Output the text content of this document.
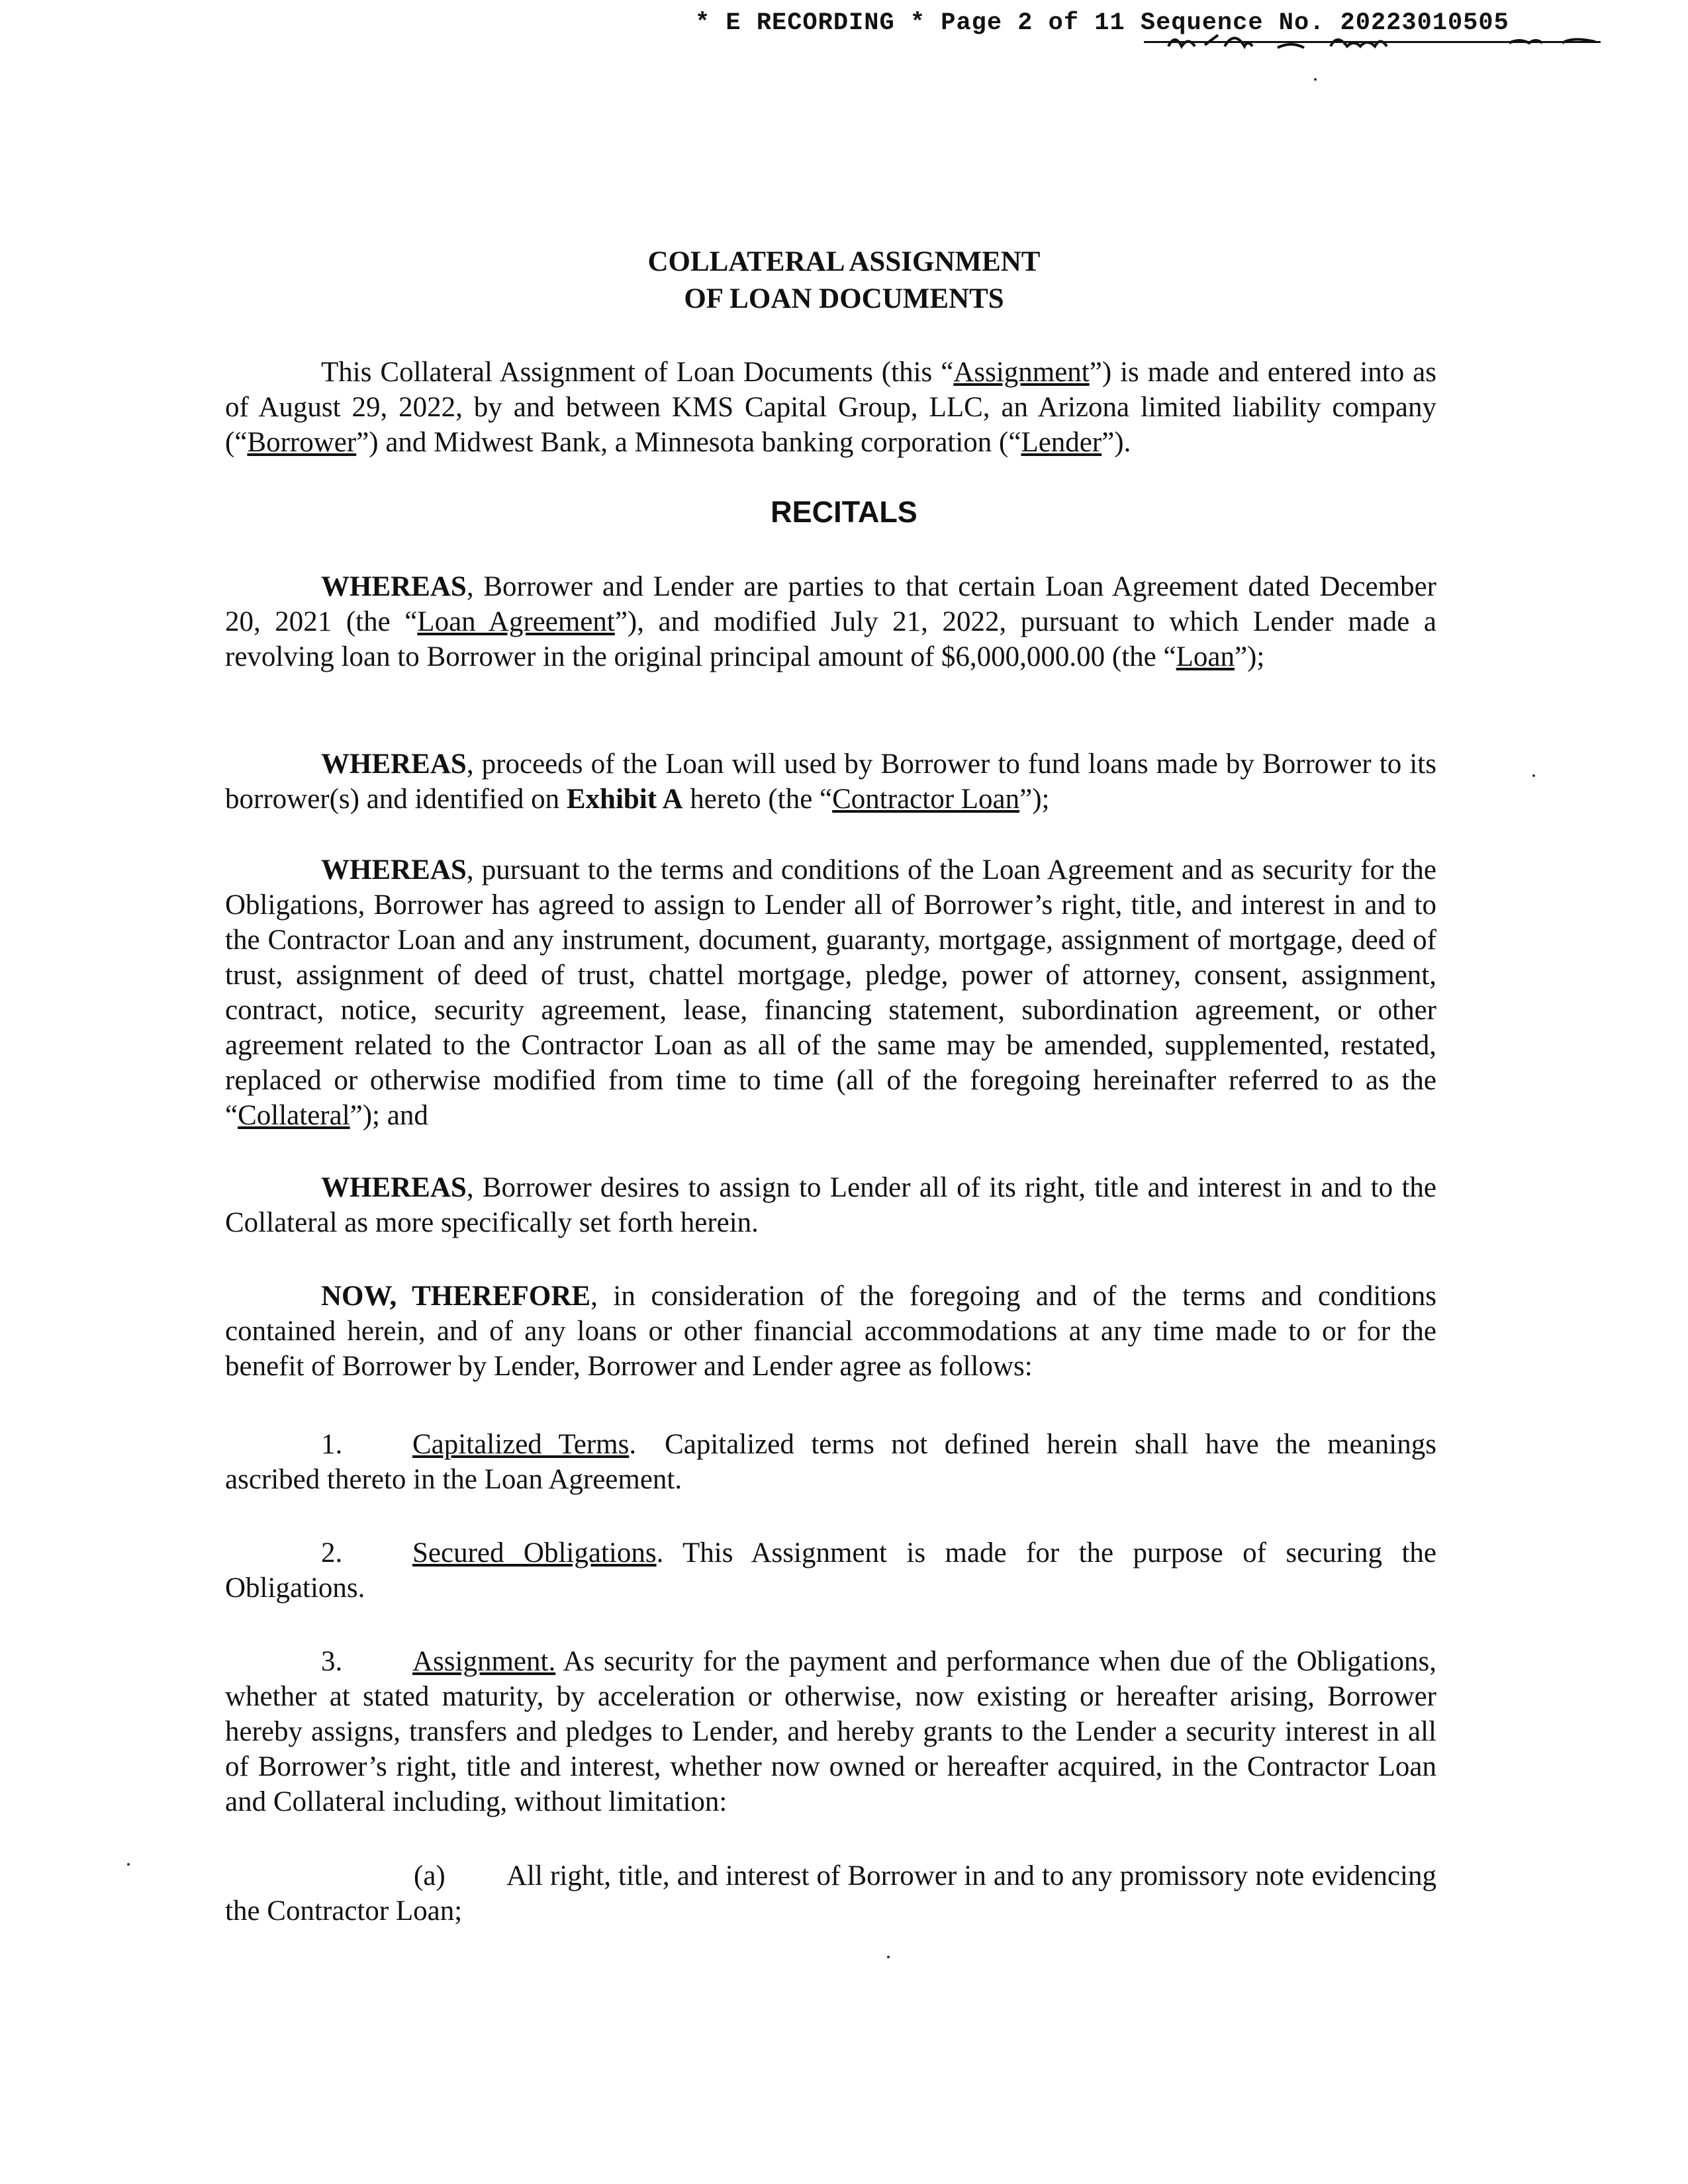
* E RECORDING * Page 2 of 11 Sequence No. 20223010505
COLLATERAL ASSIGNMENT
OF LOAN DOCUMENTS
This Collateral Assignment of Loan Documents (this “Assignment”) is made and entered into as of August 29, 2022, by and between KMS Capital Group, LLC, an Arizona limited liability company (“Borrower”) and Midwest Bank, a Minnesota banking corporation (“Lender”).
RECITALS
WHEREAS, Borrower and Lender are parties to that certain Loan Agreement dated December 20, 2021 (the “Loan Agreement”), and modified July 21, 2022, pursuant to which Lender made a revolving loan to Borrower in the original principal amount of $6,000,000.00 (the “Loan”);
WHEREAS, proceeds of the Loan will used by Borrower to fund loans made by Borrower to its borrower(s) and identified on Exhibit A hereto (the “Contractor Loan”);
WHEREAS, pursuant to the terms and conditions of the Loan Agreement and as security for the Obligations, Borrower has agreed to assign to Lender all of Borrower’s right, title, and interest in and to the Contractor Loan and any instrument, document, guaranty, mortgage, assignment of mortgage, deed of trust, assignment of deed of trust, chattel mortgage, pledge, power of attorney, consent, assignment, contract, notice, security agreement, lease, financing statement, subordination agreement, or other agreement related to the Contractor Loan as all of the same may be amended, supplemented, restated, replaced or otherwise modified from time to time (all of the foregoing hereinafter referred to as the “Collateral”); and
WHEREAS, Borrower desires to assign to Lender all of its right, title and interest in and to the Collateral as more specifically set forth herein.
NOW, THEREFORE, in consideration of the foregoing and of the terms and conditions contained herein, and of any loans or other financial accommodations at any time made to or for the benefit of Borrower by Lender, Borrower and Lender agree as follows:
1. Capitalized Terms. Capitalized terms not defined herein shall have the meanings ascribed thereto in the Loan Agreement.
2. Secured Obligations. This Assignment is made for the purpose of securing the Obligations.
3. Assignment. As security for the payment and performance when due of the Obligations, whether at stated maturity, by acceleration or otherwise, now existing or hereafter arising, Borrower hereby assigns, transfers and pledges to Lender, and hereby grants to the Lender a security interest in all of Borrower’s right, title and interest, whether now owned or hereafter acquired, in the Contractor Loan and Collateral including, without limitation:
(a) All right, title, and interest of Borrower in and to any promissory note evidencing the Contractor Loan;
